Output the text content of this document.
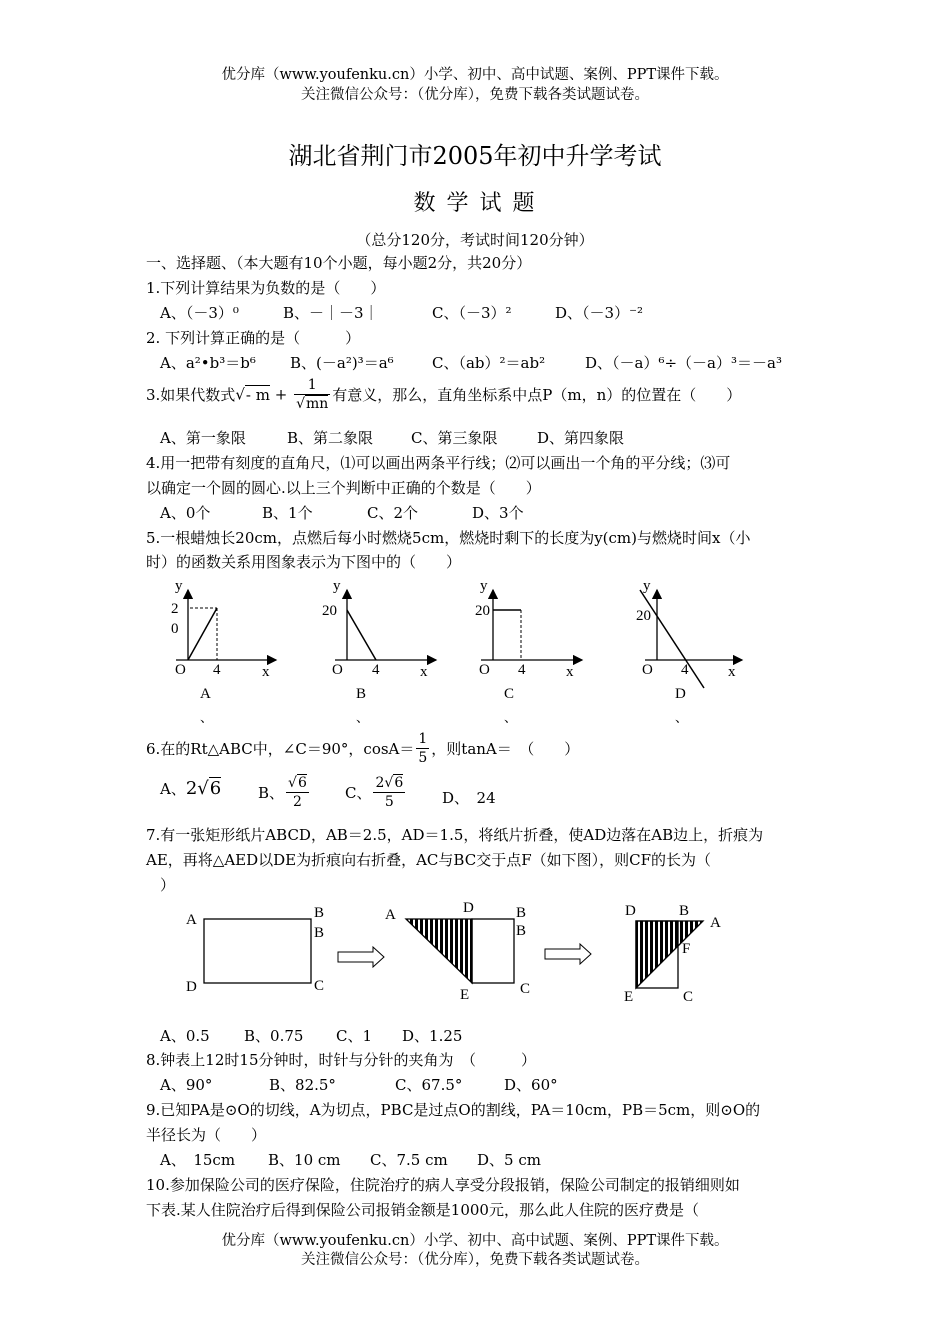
优分库（www.youfenku.cn）小学、初中、高中试题、案例、PPT课件下载。
关注微信公众号：（优分库），免费下载各类试题试卷。
湖北省荆门市2005年初中升学考试
数 学 试 题
（总分120分，考试时间120分钟）
一、选择题、（本大题有10个小题，每小题2分，共20分）
1.下列计算结果为负数的是（　　）
A、（－3）⁰	B、－｜－3｜	C、（－3）²	D、（－3）⁻²
2. 下列计算正确的是（　　　）
A、a²•b³＝b⁶ B、(－a²)³＝a⁶	C、（ab）²＝ab²	D、（－a）⁶÷（－a）³＝－a³
3.如果代数式√- $m + \frac{1}{√mn}$ 有意义，那么，直角坐标系中点P（m，n）的位置在（　　）
A、第一象限	B、第二象限	C、第三象限	D、第四象限
4.用一把带有刻度的直角尺，⑴可以画出两条平行线；⑵可以画出一个角的平分线；⑶可
以确定一个圆的圆心.以上三个判断中正确的个数是（　　）
A、0个	B、1个	C、2个	D、3个
5.一根蜡烛长20cm，点燃后每小时燃烧5cm，燃烧时剩下的长度为y(cm)与燃烧时间x（小
时）的函数关系用图象表示为下图中的（　　）
y
2
0
O 4	x
A
、
y
20
O 4	x
B
、
y
20
O 4	x
C
、
y
20
O 4	x
D
、
6.在的Rt△ABC中，∠C＝90°，$\cos A= \frac{1}{5}$ ，则tanA＝　（　　）
A、2√6 B、 $\frac{√6}{2}$ C、 $\frac{2√6}{5}$ D、　24
7.有一张矩形纸片ABCD，AB＝2.5，AD＝1.5，将纸片折叠，使AD边落在AB边上，折痕为
AE，再将△AED以DE为折痕向右折叠，AC与BC交于点F（如下图），则CF的长为（
）
A	B
B
D	C
A	D	B
B
E	C
D	B
A
F
E	C
A、0.5 B、0.75 C、1 D、1.25
8.钟表上12时15分钟时，时针与分针的夹角为　（　　　）
A、90°	B、82.5°	C、67.5°	D、60°
9.已知PA是⊙O的切线，A为切点，PBC是过点O的割线，PA＝10cm，PB＝5cm，则⊙O的
半径长为（　　）
A、　15cm B、10 cm C、7.5 cm D、5 cm
10.参加保险公司的医疗保险，住院治疗的病人享受分段报销，保险公司制定的报销细则如
下表.某人住院治疗后得到保险公司报销金额是1000元，那么此人住院的医疗费是（
优分库（www.youfenku.cn）小学、初中、高中试题、案例、PPT课件下载。
关注微信公众号：（优分库），免费下载各类试题试卷。
